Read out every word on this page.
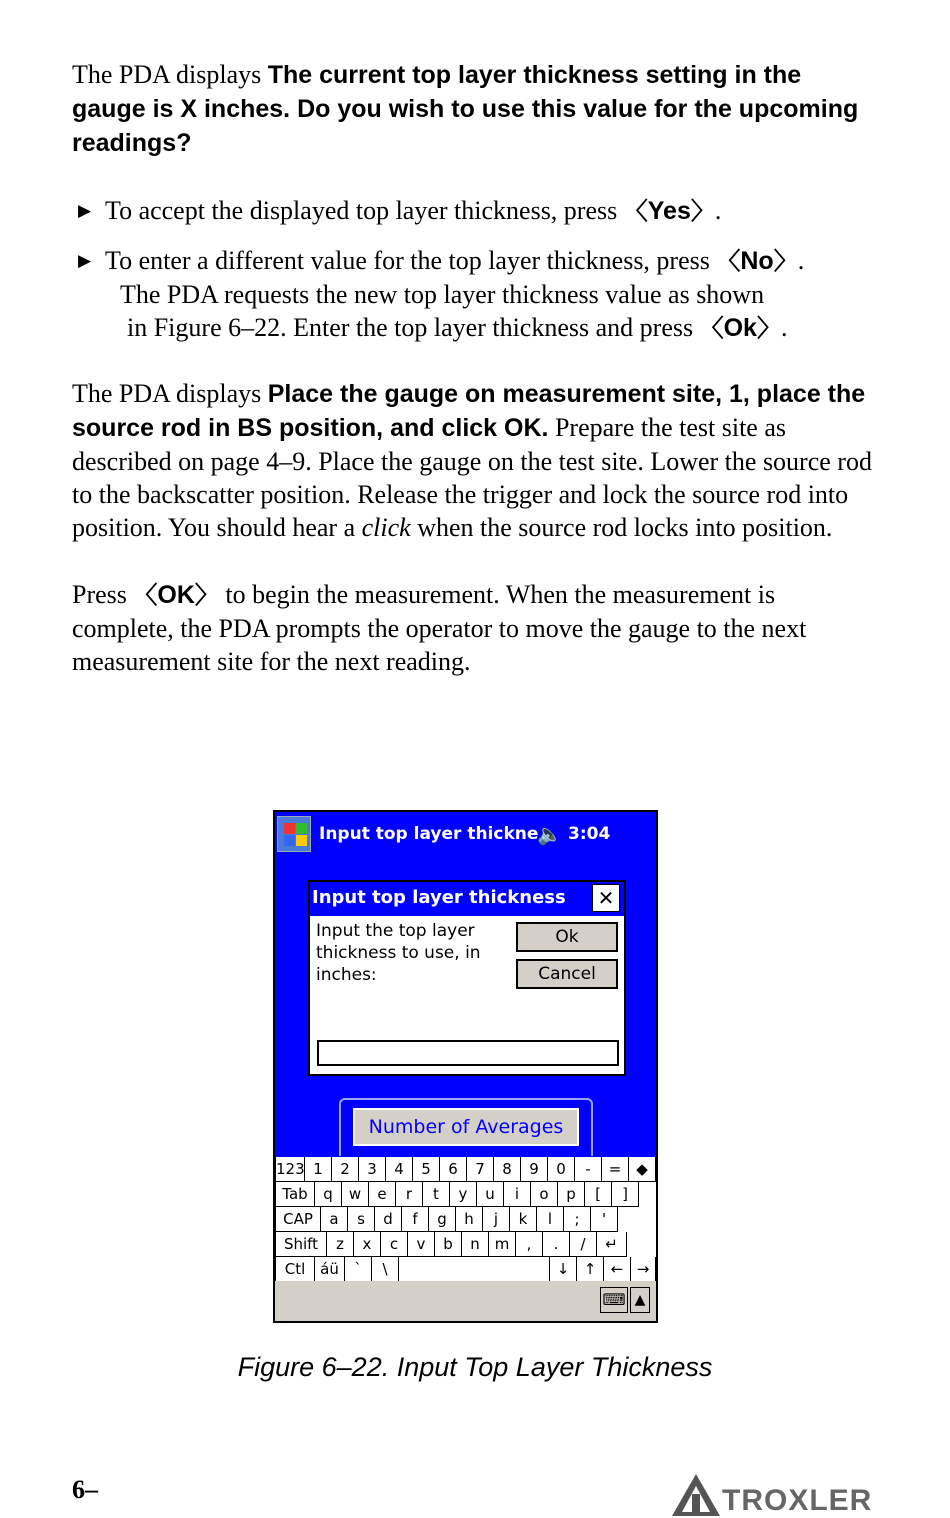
The PDA displays The current top layer thickness setting in the gauge is X inches. Do you wish to use this value for the upcoming readings?

▶ To accept the displayed top layer thickness, press 〈Yes〉.
▶ To enter a different value for the top layer thickness, press 〈No〉.

The PDA requests the new top layer thickness value as shown

in Figure 6–22. Enter the top layer thickness and press 〈Ok〉.

The PDA displays Place the gauge on measurement site, 1, place the source rod in BS position, and click OK. Prepare the test site as described on page 4–9. Place the gauge on the test site. Lower the source rod to the backscatter position. Release the trigger and lock the source rod into position. You should hear a click when the source rod locks into position.

Press 〈OK〉 to begin the measurement. When the measurement is complete, the PDA prompts the operator to move the gauge to the next measurement site for the next reading.

Input top layer thickne
🔈 3:04
Input top layer thickness ✕
Input the top layer thickness to use, in inches:
Ok
Cancel
Number of Averages
123 1	2	3	4	5	6	7	8	9	0	-	= ◆
Tab	q	w	e	r	t	y	u	i	o	p	[	]
CAP	a	s	d	f	g	h	j	k	l	;	'
Shift	z	x	c	v	b	n m	,	.	/	↵
Ctl áü	`	\	↓ ↑ ← →
⌨ ▲
Figure 6–22. Input Top Layer Thickness
6–	TROXLER
